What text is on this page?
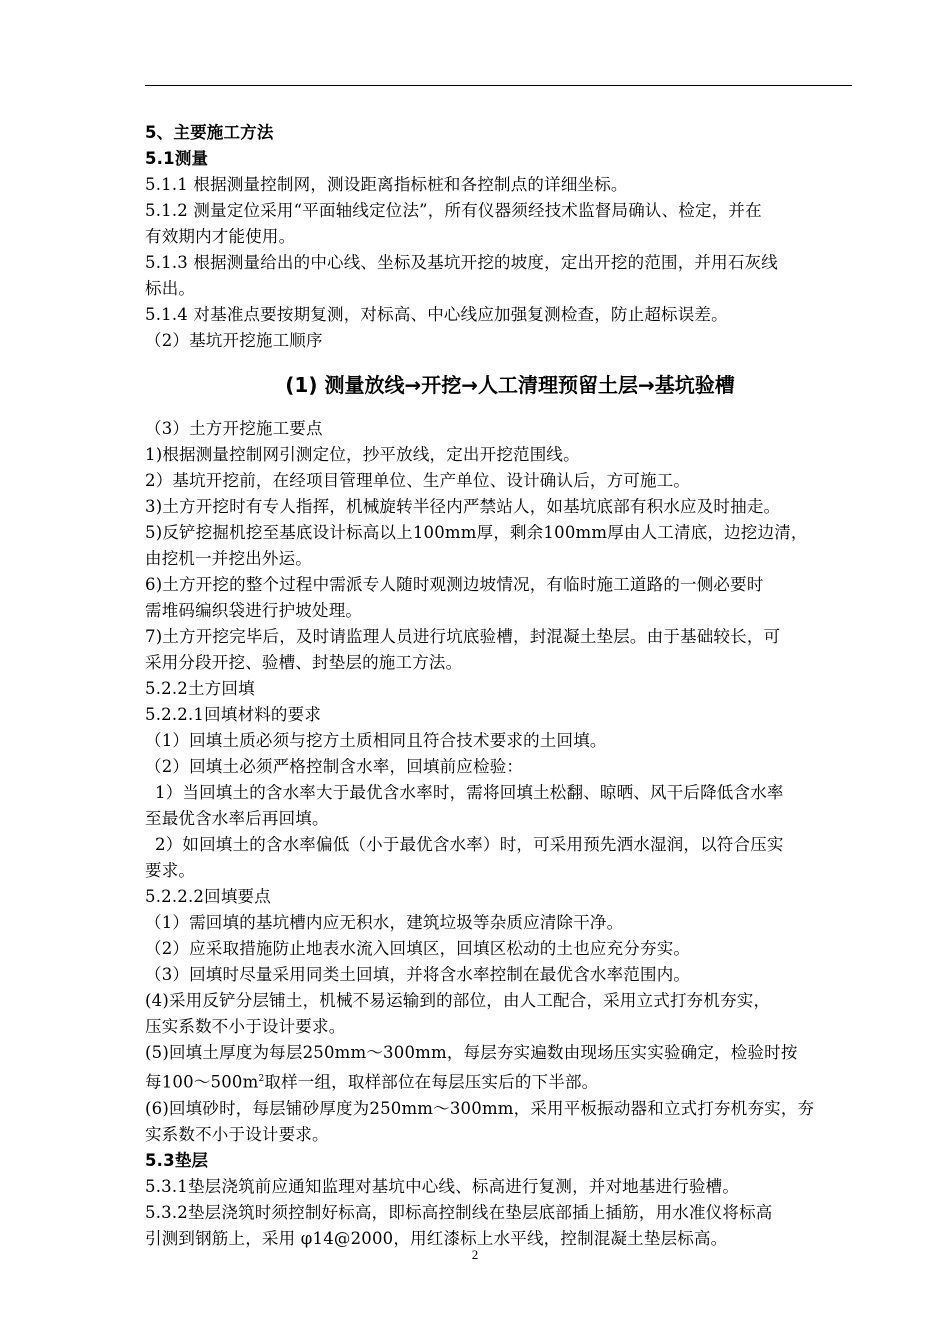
5、主要施工方法
5.1测量
5.1.1 根据测量控制网，测设距离指标桩和各控制点的详细坐标。
5.1.2 测量定位采用“平面轴线定位法”，所有仪器须经技术监督局确认、检定，并在
有效期内才能使用。
5.1.3 根据测量给出的中心线、坐标及基坑开挖的坡度，定出开挖的范围，并用石灰线
标出。
5.1.4 对基准点要按期复测，对标高、中心线应加强复测检查，防止超标误差。
（2）基坑开挖施工顺序
(1) 测量放线→开挖→人工清理预留土层→基坑验槽
（3）土方开挖施工要点
1)根据测量控制网引测定位，抄平放线，定出开挖范围线。
2）基坑开挖前，在经项目管理单位、生产单位、设计确认后，方可施工。
3)土方开挖时有专人指挥，机械旋转半径内严禁站人，如基坑底部有积水应及时抽走。
5)反铲挖掘机挖至基底设计标高以上100mm厚，剩余100mm厚由人工清底，边挖边清，
由挖机一并挖出外运。
6)土方开挖的整个过程中需派专人随时观测边坡情况，有临时施工道路的一侧必要时
需堆码编织袋进行护坡处理。
7)土方开挖完毕后，及时请监理人员进行坑底验槽，封混凝土垫层。由于基础较长，可
采用分段开挖、验槽、封垫层的施工方法。
5.2.2土方回填
5.2.2.1回填材料的要求
（1）回填土质必须与挖方土质相同且符合技术要求的土回填。
（2）回填土必须严格控制含水率，回填前应检验：
1）当回填土的含水率大于最优含水率时，需将回填土松翻、晾晒、风干后降低含水率
至最优含水率后再回填。
2）如回填土的含水率偏低（小于最优含水率）时，可采用预先洒水湿润，以符合压实
要求。
5.2.2.2回填要点
（1）需回填的基坑槽内应无积水，建筑垃圾等杂质应清除干净。
（2）应采取措施防止地表水流入回填区，回填区松动的土也应充分夯实。
（3）回填时尽量采用同类土回填，并将含水率控制在最优含水率范围内。
(4)采用反铲分层铺土，机械不易运输到的部位，由人工配合，采用立式打夯机夯实，
压实系数不小于设计要求。
(5)回填土厚度为每层250mm～300mm，每层夯实遍数由现场压实实验确定，检验时按
每$100\sim 500m^2$取样一组，取样部位在每层压实后的下半部。
(6)回填砂时，每层铺砂厚度为250mm～300mm，采用平板振动器和立式打夯机夯实，夯
实系数不小于设计要求。
5.3垫层
5.3.1垫层浇筑前应通知监理对基坑中心线、标高进行复测，并对地基进行验槽。
5.3.2垫层浇筑时须控制好标高，即标高控制线在垫层底部插上插筋，用水准仪将标高
引测到钢筋上，采用 φ14@2000，用红漆标上水平线，控制混凝土垫层标高。
2
